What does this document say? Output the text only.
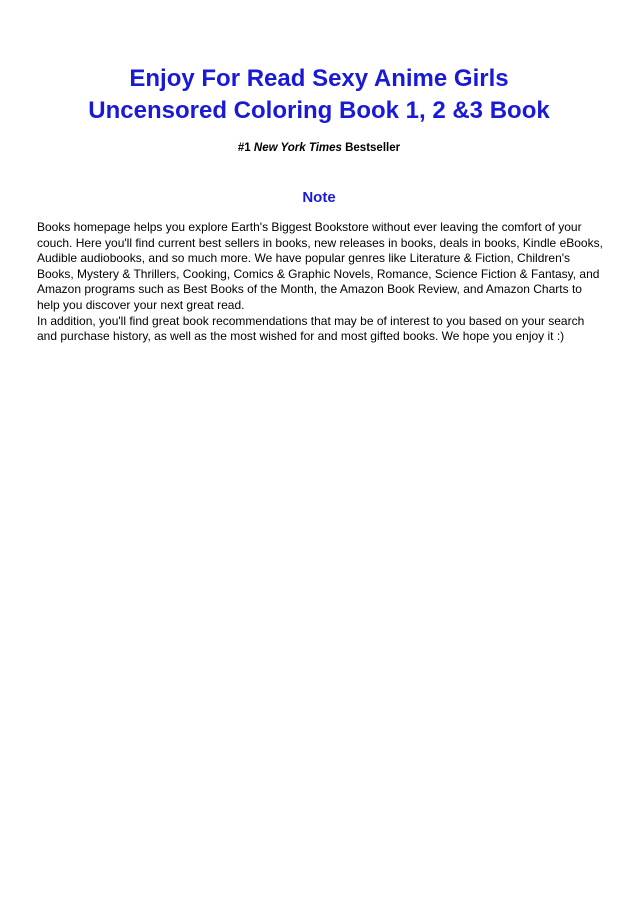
Enjoy For Read Sexy Anime Girls
Uncensored Coloring Book 1, 2 &3 Book
#1 New York Times Bestseller
Note

Books homepage helps you explore Earth's Biggest Bookstore without ever leaving the comfort of your couch. Here you'll find current best sellers in books, new releases in books, deals in books, Kindle eBooks, Audible audiobooks, and so much more. We have popular genres like Literature & Fiction, Children's Books, Mystery & Thrillers, Cooking, Comics & Graphic Novels, Romance, Science Fiction & Fantasy, and Amazon programs such as Best Books of the Month, the Amazon Book Review, and Amazon Charts to help you discover your next great read.

In addition, you'll find great book recommendations that may be of interest to you based on your search and purchase history, as well as the most wished for and most gifted books. We hope you enjoy it :)
